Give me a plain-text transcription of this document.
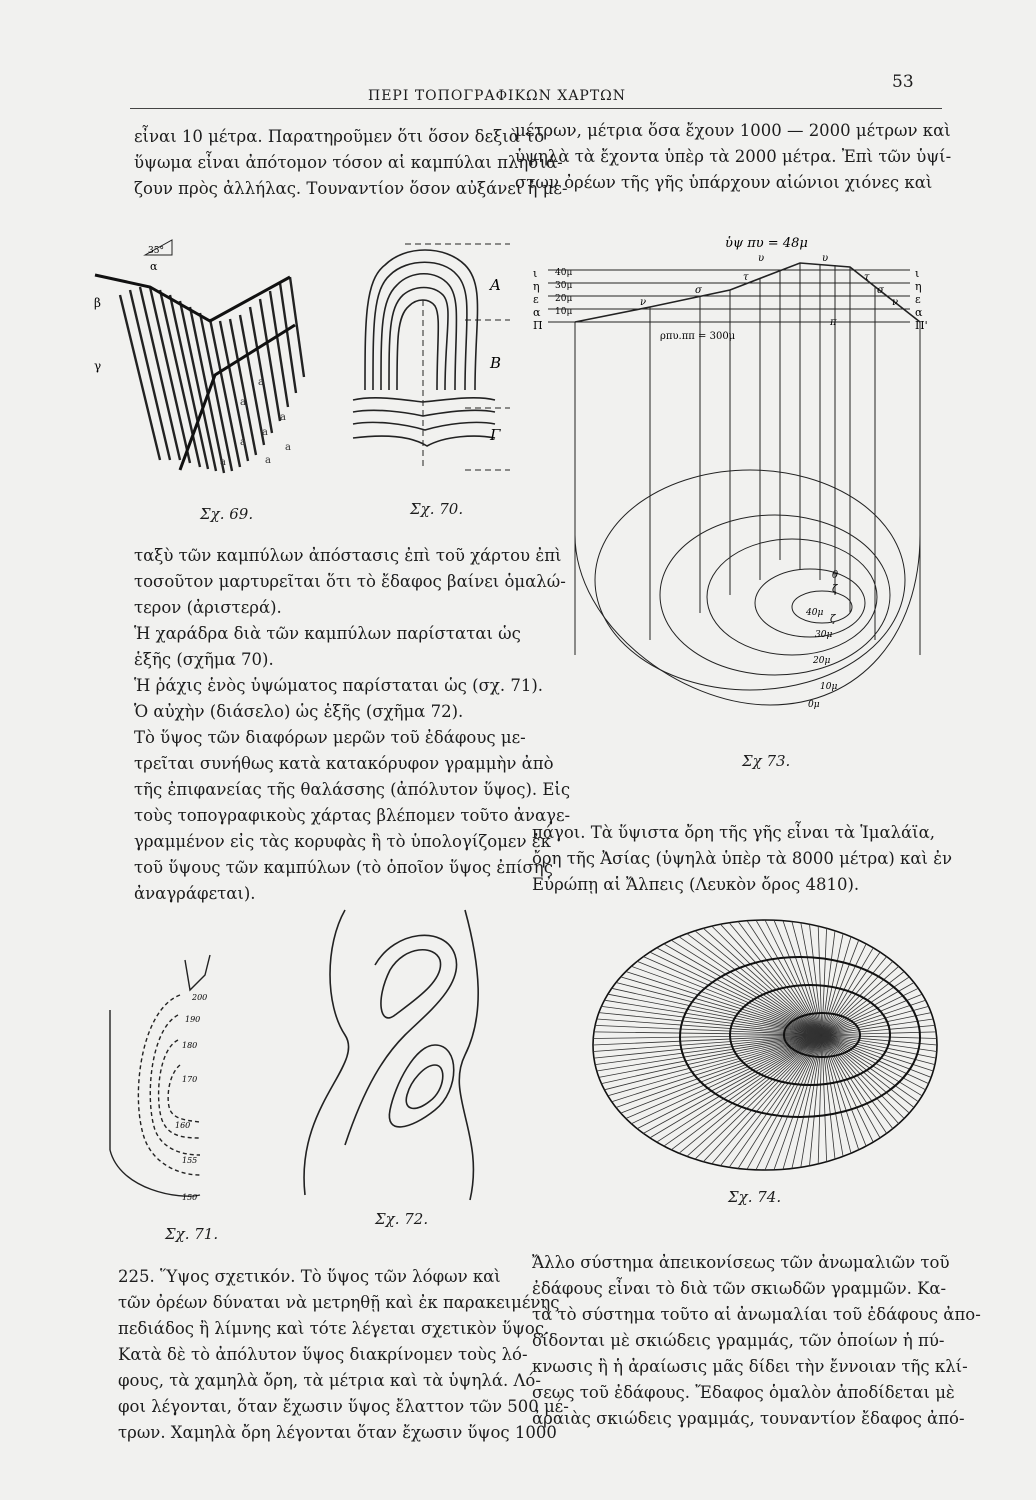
ΠΕΡΙ ΤΟΠΟΓΡΑΦΙΚΩΝ ΧΑΡΤΩΝ
53
εἶναι 10 μέτρα. Παρατηροῦμεν ὅτι ὅσον δεξιὰ τὸ
ὕψωμα εἶναι ἀπότομον τόσον αἱ καμπύλαι πλησιά-
ζουν πρὸς ἀλλήλας. Τουναντίον ὅσον αὐξάνει ἡ με-
μέτρων, μέτρια ὅσα ἔχουν 1000 — 2000 μέτρων καὶ
ὑψηλὰ τὰ ἔχοντα ὑπὲρ τὰ 2000 μέτρα. Ἐπὶ τῶν ὑψί-
στων ὀρέων τῆς γῆς ὑπάρχουν αἰώνιοι χιόνες καὶ
35°
α
β
γ
a
a
a
a
a	a
a	a
Σχ. 69.
Α
Β
Γ
Σχ. 70.
ὑψ πυ = 48μ
ι
η
ε
α
Π
ι
η
ε
α
Π'
40μ
30μ
20μ
10μ
ρπυ.ππ = 300μ
υ	υ
τ	τ
σ	σ
ν	ν
ζ
ζ
θ
π
40μ
30μ
20μ
10μ
0μ
Σχ 73.
ταξὺ τῶν καμπύλων ἀπόστασις ἐπὶ τοῦ χάρτου ἐπὶ
τοσοῦτον μαρτυρεῖται ὅτι τὸ ἔδαφος βαίνει ὁμαλώ-
τερον (ἀριστερά).
Ἡ χαράδρα διὰ τῶν καμπύλων παρίσταται ὡς
ἑξῆς (σχῆμα 70).
Ἡ ῥάχις ἑνὸς ὑψώματος παρίσταται ὡς (σχ. 71).
Ὁ αὐχὴν (διάσελο) ὡς ἑξῆς (σχῆμα 72).
Τὸ ὕψος τῶν διαφόρων μερῶν τοῦ ἐδάφους με-
τρεῖται συνήθως κατὰ κατακόρυφον γραμμὴν ἀπὸ
τῆς ἐπιφανείας τῆς θαλάσσης (ἀπόλυτον ὕψος). Εἰς
τοὺς τοπογραφικοὺς χάρτας βλέπομεν τοῦτο ἀναγε-
γραμμένον εἰς τὰς κορυφὰς ἢ τὸ ὑπολογίζομεν ἐκ
τοῦ ὕψους τῶν καμπύλων (τὸ ὁποῖον ὕψος ἐπίσης
ἀναγράφεται).
πάγοι. Τὰ ὕψιστα ὄρη τῆς γῆς εἶναι τὰ Ἱμαλάϊα,
ὄρη τῆς Ἀσίας (ὑψηλὰ ὑπὲρ τὰ 8000 μέτρα) καὶ ἐν
Εὐρώπῃ αἱ Ἄλπεις (Λευκὸν ὄρος 4810).
200
190
180
170
160
155
150
Σχ. 71.
Σχ. 72.
Σχ. 74.
225. Ὕψος σχετικόν. Τὸ ὕψος τῶν λόφων καὶ
τῶν ὀρέων δύναται νὰ μετρηθῇ καὶ ἐκ παρακειμένης
πεδιάδος ἢ λίμνης καὶ τότε λέγεται σχετικὸν ὕψος.
Κατὰ δὲ τὸ ἀπόλυτον ὕψος διακρίνομεν τοὺς λό-
φους, τὰ χαμηλὰ ὄρη, τὰ μέτρια καὶ τὰ ὑψηλά. Λό-
φοι λέγονται, ὅταν ἔχωσιν ὕψος ἔλαττον τῶν 500 μέ-
τρων. Χαμηλὰ ὄρη λέγονται ὅταν ἔχωσιν ὕψος 1000
Ἄλλο σύστημα ἀπεικονίσεως τῶν ἀνωμαλιῶν τοῦ
ἐδάφους εἶναι τὸ διὰ τῶν σκιωδῶν γραμμῶν. Κα-
τὰ τὸ σύστημα τοῦτο αἱ ἀνωμαλίαι τοῦ ἐδάφους ἀπο-
δίδονται μὲ σκιώδεις γραμμάς, τῶν ὁποίων ἡ πύ-
κνωσις ἢ ἡ ἀραίωσις μᾶς δίδει τὴν ἔννοιαν τῆς κλί-
σεως τοῦ ἐδάφους. Ἔδαφος ὁμαλὸν ἀποδίδεται μὲ
ἀραιὰς σκιώδεις γραμμάς, τουναντίον ἔδαφος ἀπό-
